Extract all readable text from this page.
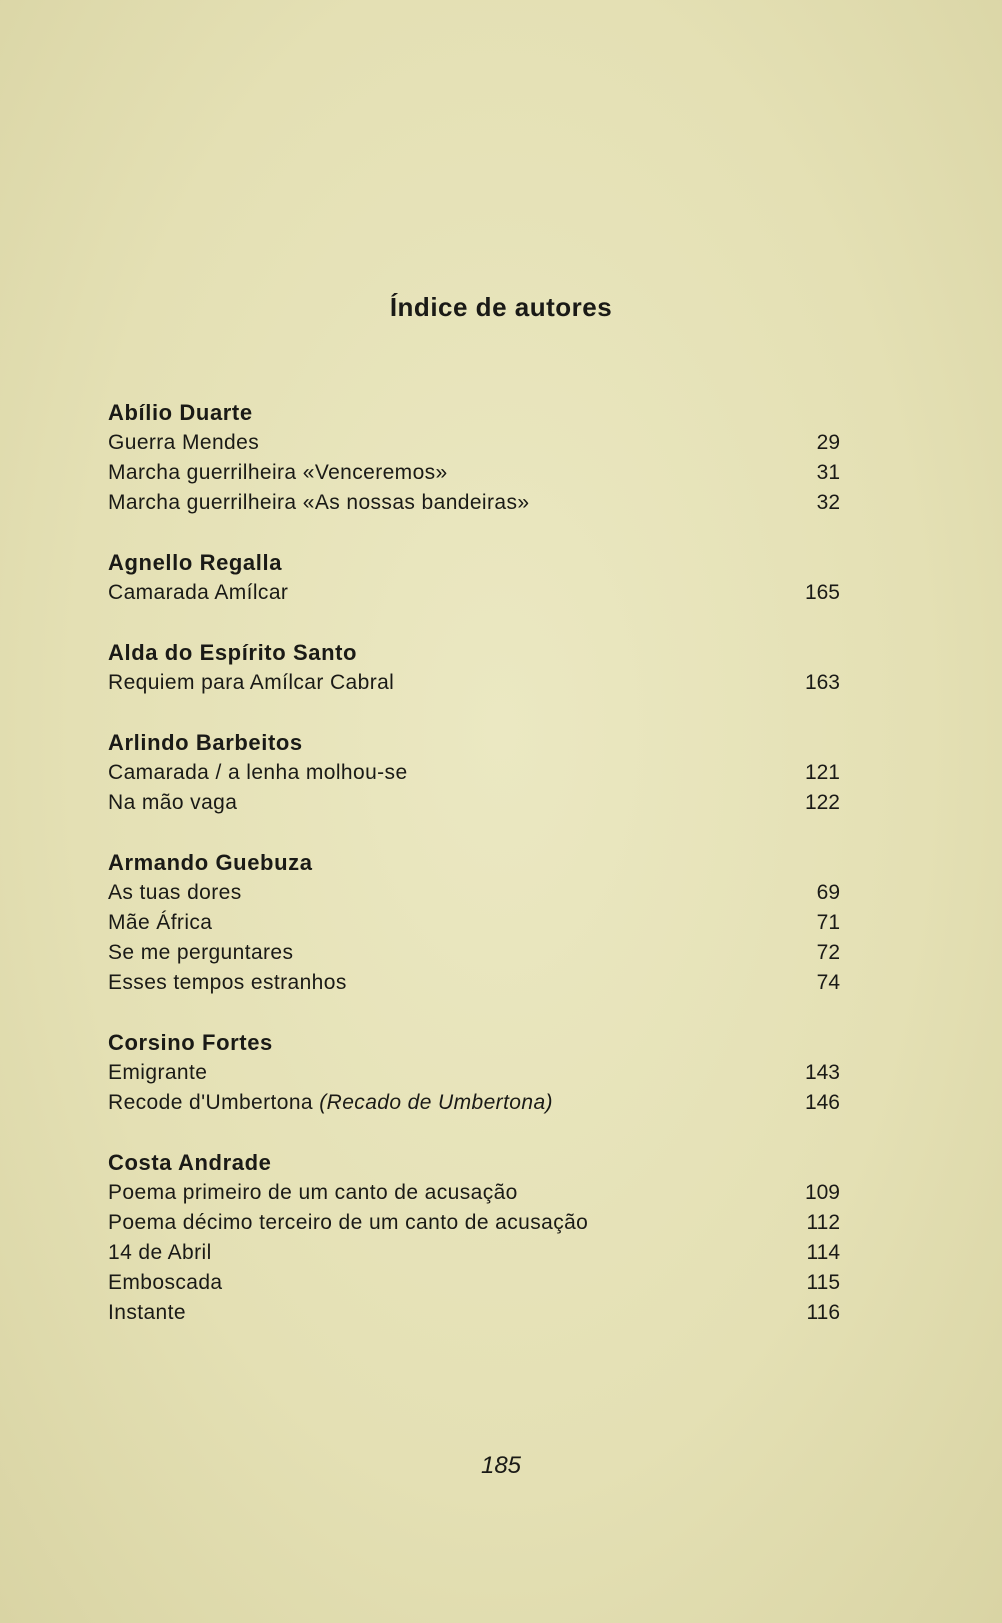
Índice de autores
Abílio Duarte
Guerra Mendes	29
Marcha guerrilheira «Venceremos»	31
Marcha guerrilheira «As nossas bandeiras»	32
Agnello Regalla
Camarada Amílcar	165
Alda do Espírito Santo
Requiem para Amílcar Cabral	163
Arlindo Barbeitos
Camarada / a lenha molhou-se	121
Na mão vaga	122
Armando Guebuza
As tuas dores	69
Mãe África	71
Se me perguntares	72
Esses tempos estranhos	74
Corsino Fortes
Emigrante	143
Recode d'Umbertona (Recado de Umbertona)	146
Costa Andrade
Poema primeiro de um canto de acusação	109
Poema décimo terceiro de um canto de acusação	112
14 de Abril	114
Emboscada	115
Instante	116
185
